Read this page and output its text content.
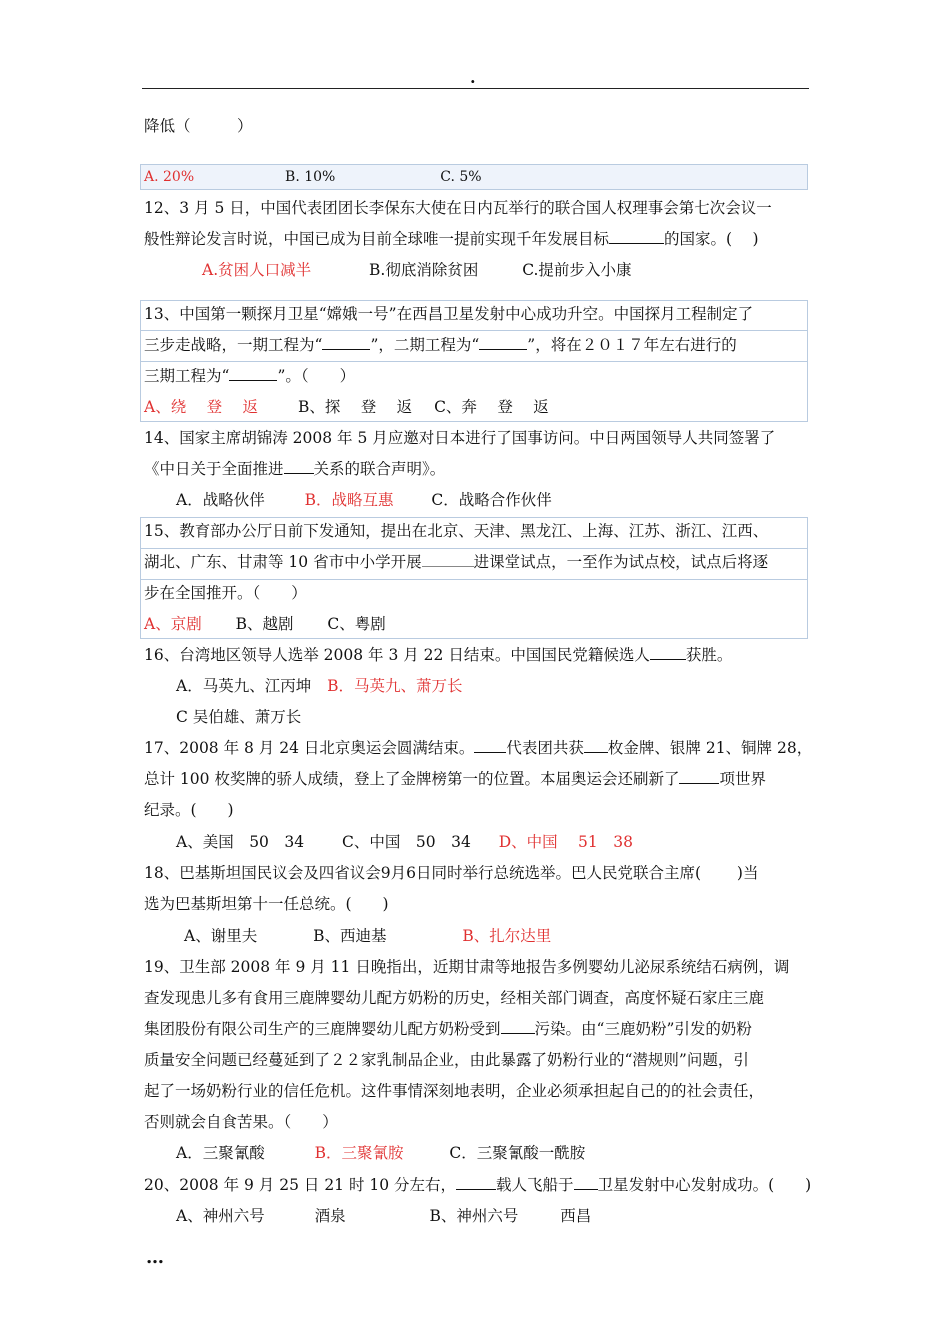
.
降低（　　　）
A. 20%	B. 10%	C. 5%
12、3 月 5 日，中国代表团团长李保东大使在日内瓦举行的联合国人权理事会第七次会议一
般性辩论发言时说，中国已成为目前全球唯一提前实现千年发展目标	的国家。(　 )
A.贫困人口减半	B.彻底消除贫困	C.提前步入小康
13、中国第一颗探月卫星“嫦娥一号”在西昌卫星发射中心成功升空。中国探月工程制定了
三步走战略，一期工程为“	”，二期工程为“	”，将在２０１７年左右进行的
三期工程为“	”。（　　）
A、绕　 登　 返	B、探　 登　 返 C、奔　 登　 返
14、国家主席胡锦涛 2008 年 5 月应邀对日本进行了国事访问。中日两国领导人共同签署了
《中日关于全面推进 关系的联合声明》。
A．战略伙伴	B．战略互惠 C．战略合作伙伴
15、教育部办公厅日前下发通知，提出在北京、天津、黑龙江、上海、江苏、浙江、江西、
湖北、广东、甘肃等 10 省市中小学开展	进课堂试点，一至作为试点校，试点后将逐
步在全国推开。（　　）
A、京剧 B、越剧 C、粤剧
16、台湾地区领导人选举 2008 年 3 月 22 日结束。中国国民党籍候选人 获胜。
A．马英九、江丙坤 B．马英九、萧万长
C 吴伯雄、萧万长
17、2008 年 8 月 24 日北京奥运会圆满结束。 代表团共获 枚金牌、银牌 21、铜牌 28，
总计 100 枚奖牌的骄人成绩，登上了金牌榜第一的位置。本届奥运会还刷新了	项世界
纪录。(　　)
A、美国　50　34 C、中国　50　34 D、中国　 51　38
18、巴基斯坦国民议会及四省议会9月6日同时举行总统选举。巴人民党联合主席(　　 )当
选为巴基斯坦第十一任总统。(　　)
A、谢里夫	B、西迪基	B、扎尔达里
19、卫生部 2008 年 9 月 11 日晚指出，近期甘肃等地报告多例婴幼儿泌尿系统结石病例，调
查发现患儿多有食用三鹿牌婴幼儿配方奶粉的历史，经相关部门调查，高度怀疑石家庄三鹿
集团股份有限公司生产的三鹿牌婴幼儿配方奶粉受到 污染。由“三鹿奶粉”引发的奶粉
质量安全问题已经蔓延到了２２家乳制品企业，由此暴露了奶粉行业的“潜规则”问题，引
起了一场奶粉行业的信任危机。这件事情深刻地表明，企业必须承担起自己的的社会责任，
否则就会自食苦果。（　　）
A．三聚氰酸	B．三聚氰胺	C．三聚氰酸一酰胺
20、2008 年 9 月 25 日 21 时 10 分左右，	载人飞船于 卫星发射中心发射成功。(　　)
A、神州六号	酒泉	B、神州六号	西昌
…
